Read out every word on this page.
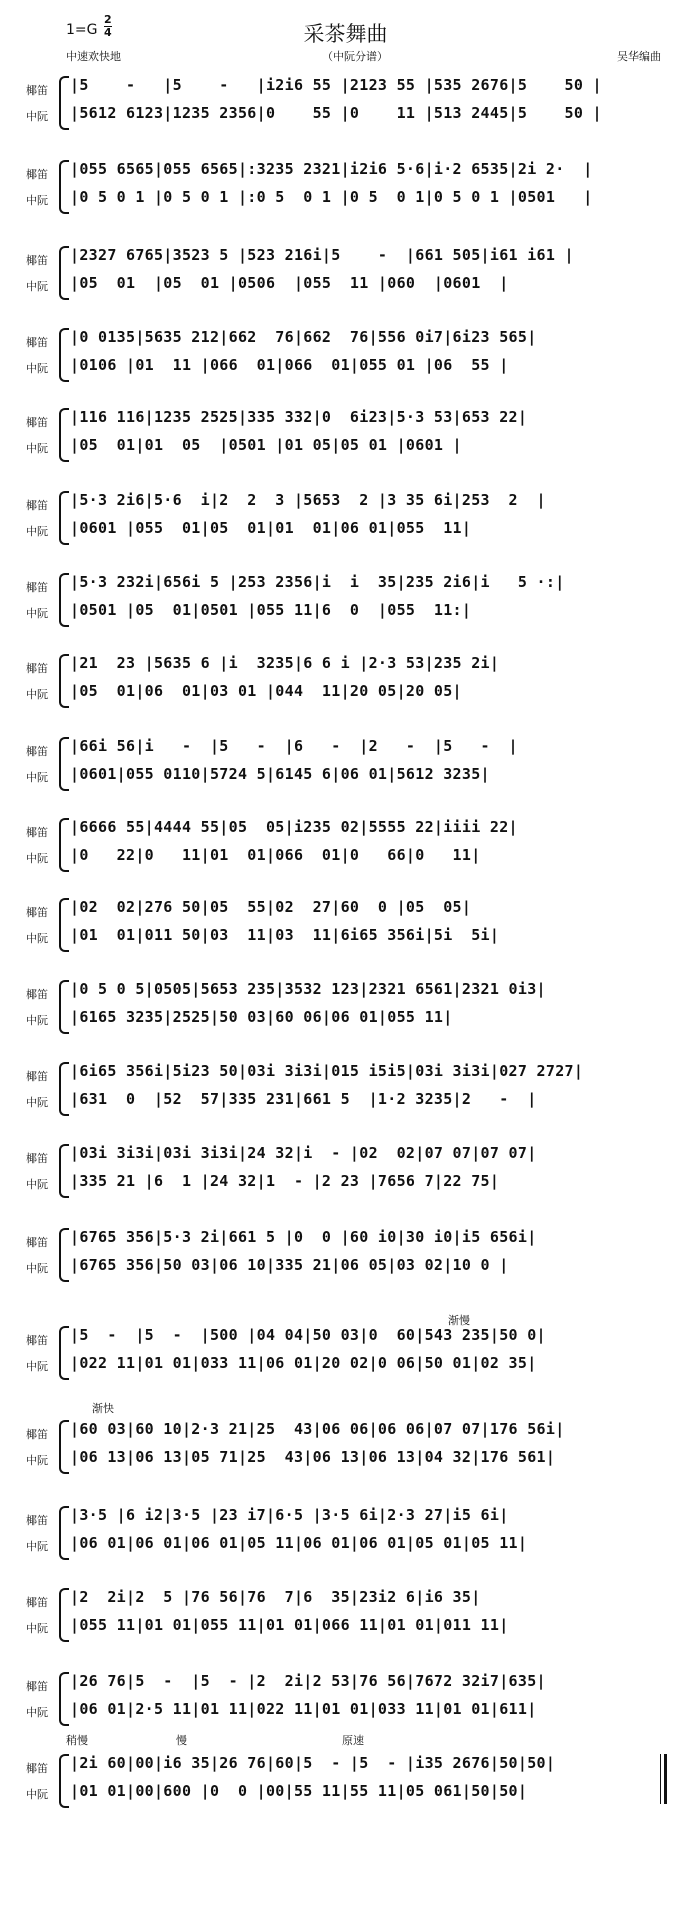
$1=G \frac{2}{4}$	采茶舞曲
中速欢快地	（中阮分谱）	吴华编曲
椰笛
中阮
|5    -   |5    -   |i2i6 55 |2123 55 |535 2676|5    50 |
|5612 6123|1235 2356|0    55 |0    11 |513 2445|5    50 |
椰笛
中阮
|055 6565|055 6565|:3235 2321|i2i6 5·6|i·2 6535|2i 2·  |
|0 5 0 1 |0 5 0 1 |:0 5  0 1 |0 5  0 1|0 5 0 1 |0501   |
椰笛
中阮
|2327 6765|3523 5 |523 216i|5    -  |661 505|i61 i61 |
|05  01  |05  01 |0506  |055  11 |060  |0601  |
椰笛
中阮
|0 0135|5635 212|662  76|662  76|556 0i7|6i23 565|
|0106 |01  11 |066  01|066  01|055 01 |06  55 |
椰笛
中阮
|116 116|1235 2525|335 332|0  6i23|5·3 53|653 22|
|05  01|01  05  |0501 |01 05|05 01 |0601 |
椰笛
中阮
|5·3 2i6|5·6  i|2  2  3 |5653  2 |3 35 6i|253  2  |
|0601 |055  01|05  01|01  01|06 01|055  11|
椰笛
中阮
|5·3 232i|656i 5 |253 2356|i  i  35|235 2i6|i   5 ·:|
|0501 |05  01|0501 |055 11|6  0  |055  11:|
椰笛
中阮
|21  23 |5635 6 |i  3235|6 6 i |2·3 53|235 2i|
|05  01|06  01|03 01 |044  11|20 05|20 05|
椰笛
中阮
|66i 56|i   -  |5   -  |6   -  |2   -  |5   -  |
|0601|055 0110|5724 5|6145 6|06 01|5612 3235|
椰笛
中阮
|6666 55|4444 55|05  05|i235 02|5555 22|iiii 22|
|0   22|0   11|01  01|066  01|0   66|0   11|
椰笛
中阮
|02  02|276 50|05  55|02  27|60  0 |05  05|
|01  01|011 50|03  11|03  11|6i65 356i|5i  5i|
椰笛
中阮
|0 5 0 5|0505|5653 235|3532 123|2321 6561|2321 0i3|
|6165 3235|2525|50 03|60 06|06 01|055 11|
椰笛
中阮
|6i65 356i|5i23 50|03i 3i3i|015 i5i5|03i 3i3i|027 2727|
|631  0  |52  57|335 231|661 5  |1·2 3235|2   -  |
椰笛
中阮
|03i 3i3i|03i 3i3i|24 32|i  - |02  02|07 07|07 07|
|335 21 |6  1 |24 32|1  - |2 23 |7656 7|22 75|
椰笛
中阮
|6765 356|5·3 2i|661 5 |0  0 |60 i0|30 i0|i5 656i|
|6765 356|50 03|06 10|335 21|06 05|03 02|10 0 |
椰笛
中阮
|5  -  |5  -  |500 |04 04|50 03|0  60|543 235|50 0|
|022 11|01 01|033 11|06 01|20 02|0 06|50 01|02 35|
椰笛
中阮
|60 03|60 10|2·3 21|25  43|06 06|06 06|07 07|176 56i|
|06 13|06 13|05 71|25  43|06 13|06 13|04 32|176 561|
椰笛
中阮
|3·5 |6 i2|3·5 |23 i7|6·5 |3·5 6i|2·3 27|i5 6i|
|06 01|06 01|06 01|05 11|06 01|06 01|05 01|05 11|
椰笛
中阮
|2  2i|2  5 |76 56|76  7|6  35|23i2 6|i6 35|
|055 11|01 01|055 11|01 01|066 11|01 01|011 11|
椰笛
中阮
|26 76|5  -  |5  - |2  2i|2 53|76 56|7672 32i7|635|
|06 01|2·5 11|01 11|022 11|01 01|033 11|01 01|611|
椰笛
中阮
|2i 60|00|i6 35|26 76|60|5  - |5  - |i35 2676|50|50|
|01 01|00|600 |0  0 |00|55 11|55 11|05 061|50|50|
渐慢
渐快
稍慢	慢	原速
